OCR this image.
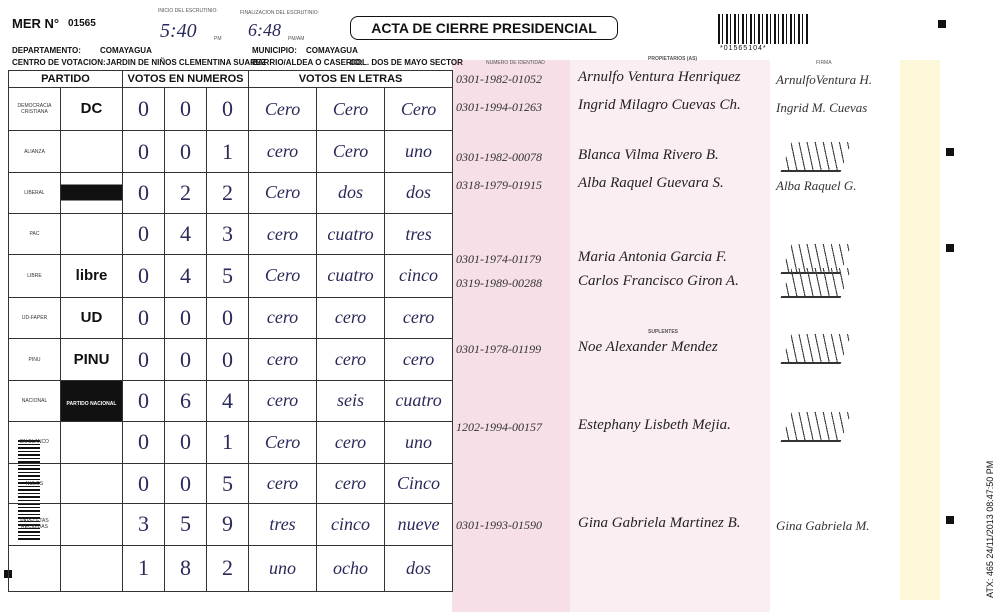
MER N° 01565
INICIO DEL ESCRUTINIO:
5:40	PM
FINALIZACION DEL ESCRUTINIO:
6:48 PM/AM
ACTA DE CIERRE PRESIDENCIAL
DEPARTAMENTO: COMAYAGUA	MUNICIPIO: COMAYAGUA
CENTRO DE VOTACION: JARDIN DE NIÑOS CLEMENTINA SUAREZ
BARRIO/ALDEA O CASERIO:
COL. DOS DE MAYO SECTOR
*01565104*
PARTIDO		VOTOS EN NUMEROS			VOTOS EN LETRAS		
DEMOCRACIA CRISTIANA	DC	0	0	0	Cero	Cero	Cero
ALIANZA		0	0	1	cero	Cero	uno
LIBERAL		0	2	2	Cero	dos	dos
PAC		0	4	3	cero	cuatro	tres
LIBRE	libre	0	4	5	Cero	cuatro	cinco
UD-FAPER	UD	0	0	0	cero	cero	cero
PINU	PINU	0	0	0	cero	cero	cero
NACIONAL	PARTIDO NACIONAL	0	6	4	cero	seis	cuatro
EN BLANCO		0	0	1	Cero	cero	uno
NULOS		0	0	5	cero	cero	Cinco
PAPELETAS RECIBIDAS		3	5	9	tres	cinco	nueve
		1	8	2	uno	ocho	dos
NUMERO DE IDENTIDAD
PROPIETARIOS (AS)
FIRMA
SUPLENTES
0301-1982-01052 Arnulfo Ventura Henriquez	ArnulfoVentura H.
0301-1994-01263 Ingrid Milagro Cuevas Ch.	Ingrid M. Cuevas
0301-1982-00078 Blanca Vilma Rivero B.
0318-1979-01915 Alba Raquel Guevara S.	Alba Raquel G.
0301-1974-01179 Maria Antonia Garcia F.
0319-1989-00288 Carlos Francisco Giron A.
0301-1978-01199 Noe Alexander Mendez
1202-1994-00157 Estephany Lisbeth Mejia.
0301-1993-01590 Gina Gabriela Martinez B.	Gina Gabriela M.	ATX: 465 24/11/2013 08:47:50 PM
